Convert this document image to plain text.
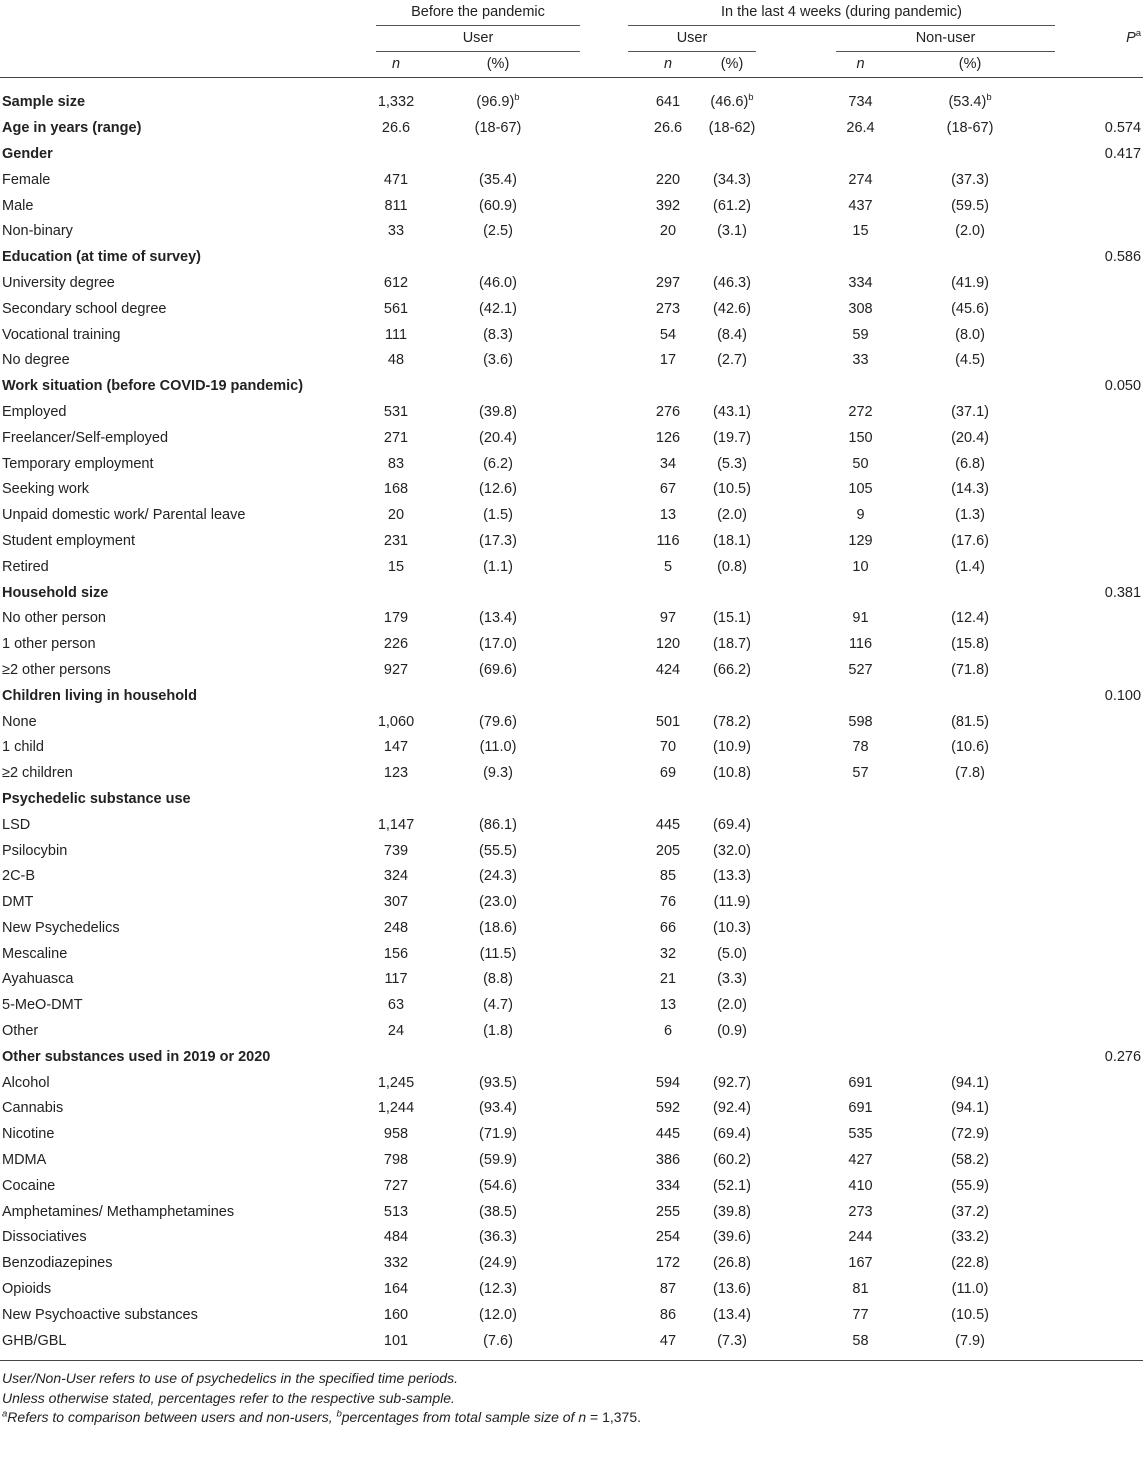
	Before the pandemic			In the last 4 weeks (during pandemic)					
	User			User			Non-user		$P^a$
	n	(%)		n	(%)		n	(%)	

Sample size	1,332	$(96.9)^b$		641	$(46.6)^b$		734	$(53.4)^b$	
Age in years (range)	26.6	(18-67)		26.6	(18-62)		26.4	(18-67)	0.574
Gender									0.417
Female	471	(35.4)		220	(34.3)		274	(37.3)	
Male	811	(60.9)		392	(61.2)		437	(59.5)	
Non-binary	33	(2.5)		20	(3.1)		15	(2.0)	
Education (at time of survey)									0.586
University degree	612	(46.0)		297	(46.3)		334	(41.9)	
Secondary school degree	561	(42.1)		273	(42.6)		308	(45.6)	
Vocational training	111	(8.3)		54	(8.4)		59	(8.0)	
No degree	48	(3.6)		17	(2.7)		33	(4.5)	
Work situation (before COVID-19 pandemic)									0.050
Employed	531	(39.8)		276	(43.1)		272	(37.1)	
Freelancer/Self-employed	271	(20.4)		126	(19.7)		150	(20.4)	
Temporary employment	83	(6.2)		34	(5.3)		50	(6.8)	
Seeking work	168	(12.6)		67	(10.5)		105	(14.3)	
Unpaid domestic work/ Parental leave	20	(1.5)		13	(2.0)		9	(1.3)	
Student employment	231	(17.3)		116	(18.1)		129	(17.6)	
Retired	15	(1.1)		5	(0.8)		10	(1.4)	
Household size									0.381
No other person	179	(13.4)		97	(15.1)		91	(12.4)	
1 other person	226	(17.0)		120	(18.7)		116	(15.8)	
≥2 other persons	927	(69.6)		424	(66.2)		527	(71.8)	
Children living in household									0.100
None	1,060	(79.6)		501	(78.2)		598	(81.5)	
1 child	147	(11.0)		70	(10.9)		78	(10.6)	
≥2 children	123	(9.3)		69	(10.8)		57	(7.8)	
Psychedelic substance use									
LSD	1,147	(86.1)		445	(69.4)				
Psilocybin	739	(55.5)		205	(32.0)				
2C-B	324	(24.3)		85	(13.3)				
DMT	307	(23.0)		76	(11.9)				
New Psychedelics	248	(18.6)		66	(10.3)				
Mescaline	156	(11.5)		32	(5.0)				
Ayahuasca	117	(8.8)		21	(3.3)				
5-MeO-DMT	63	(4.7)		13	(2.0)				
Other	24	(1.8)		6	(0.9)				
Other substances used in 2019 or 2020									0.276
Alcohol	1,245	(93.5)		594	(92.7)		691	(94.1)	
Cannabis	1,244	(93.4)		592	(92.4)		691	(94.1)	
Nicotine	958	(71.9)		445	(69.4)		535	(72.9)	
MDMA	798	(59.9)		386	(60.2)		427	(58.2)	
Cocaine	727	(54.6)		334	(52.1)		410	(55.9)	
Amphetamines/ Methamphetamines	513	(38.5)		255	(39.8)		273	(37.2)	
Dissociatives	484	(36.3)		254	(39.6)		244	(33.2)	
Benzodiazepines	332	(24.9)		172	(26.8)		167	(22.8)	
Opioids	164	(12.3)		87	(13.6)		81	(11.0)	
New Psychoactive substances	160	(12.0)		86	(13.4)		77	(10.5)	
GHB/GBL	101	(7.6)		47	(7.3)		58	(7.9)	
User/Non-User refers to use of psychedelics in the specified time periods.
Unless otherwise stated, percentages refer to the respective sub-sample.
$^a$Refers to comparison between users and non-users, $^b$percentages from total sample size of n = 1,375.
